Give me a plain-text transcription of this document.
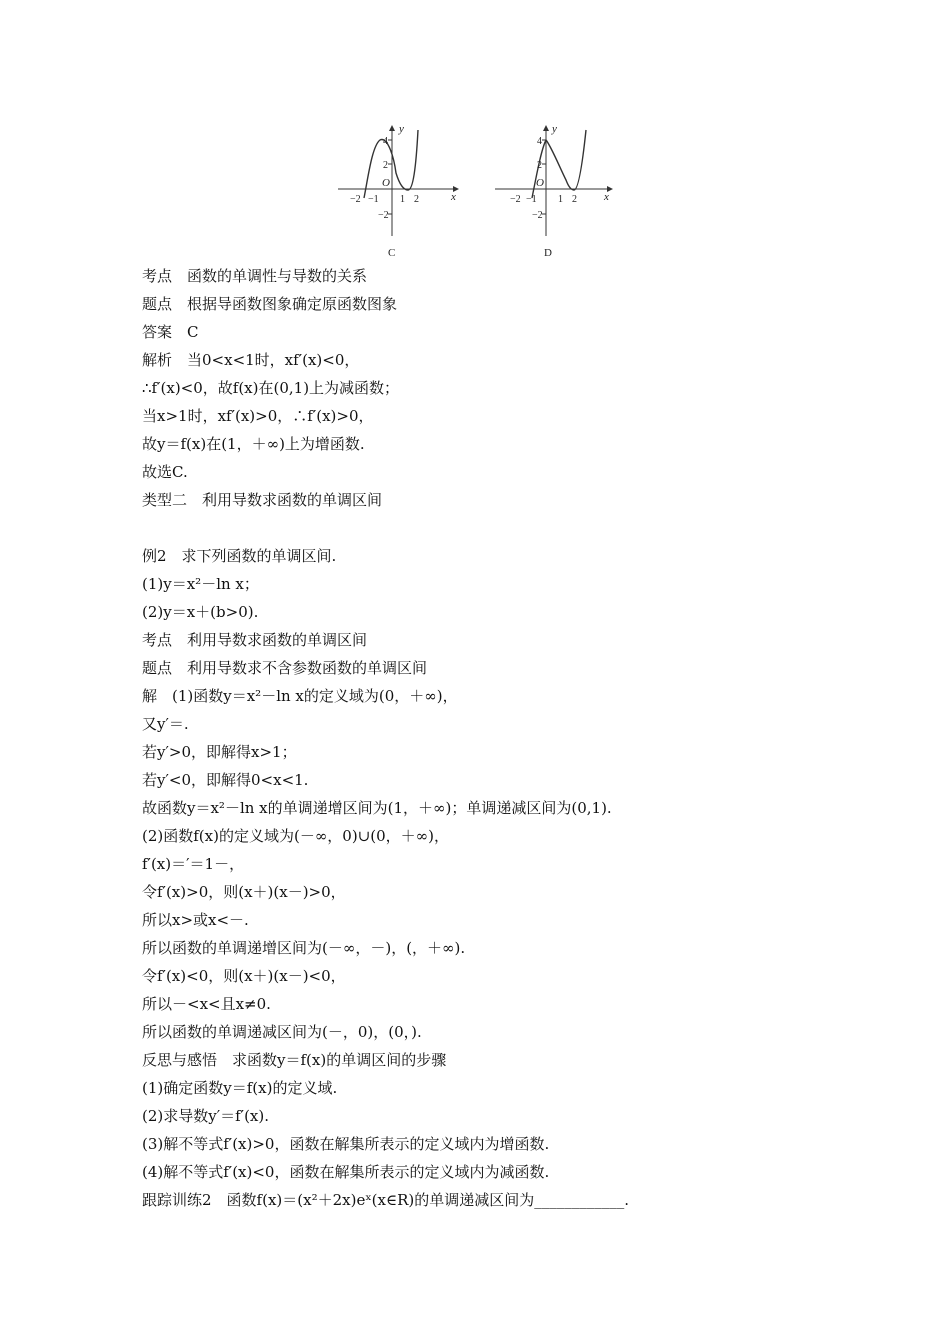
y
x
O
4
2
−2
−2 −1 1 2
C
y
x
O
4
2
−2
−2 −1 1 2
D
考点　函数的单调性与导数的关系
题点　根据导函数图象确定原函数图象
答案　C
解析　当0<x<1时，xf′(x)<0，
∴f′(x)<0，故f(x)在(0,1)上为减函数；
当x>1时，xf′(x)>0，∴f′(x)>0，
故y＝f(x)在(1，＋∞)上为增函数.
故选C.
类型二　利用导数求函数的单调区间
例2　求下列函数的单调区间.
(1)y＝x²－ln x；
(2)y＝x＋(b>0).
考点　利用导数求函数的单调区间
题点　利用导数求不含参数函数的单调区间
解　(1)函数y＝x²－ln x的定义域为(0，＋∞)，
又y′＝.
若y′>0，即解得x>1；
若y′<0，即解得0<x<1.
故函数y＝x²－ln x的单调递增区间为(1，＋∞)；单调递减区间为(0,1).
(2)函数f(x)的定义域为(－∞，0)∪(0，＋∞)，
f′(x)＝′＝1－，
令f′(x)>0，则(x＋)(x－)>0，
所以x>或x<－.
所以函数的单调递增区间为(－∞，－)，(，＋∞).
令f′(x)<0，则(x＋)(x－)<0，
所以－<x<且x≠0.
所以函数的单调递减区间为(－，0)，(0，).
反思与感悟　求函数y＝f(x)的单调区间的步骤
(1)确定函数y＝f(x)的定义域.
(2)求导数y′＝f′(x).
(3)解不等式f′(x)>0，函数在解集所表示的定义域内为增函数.
(4)解不等式f′(x)<0，函数在解集所表示的定义域内为减函数.
跟踪训练2　函数f(x)＝(x²＋2x)eˣ(x∈R)的单调递减区间为____________.
